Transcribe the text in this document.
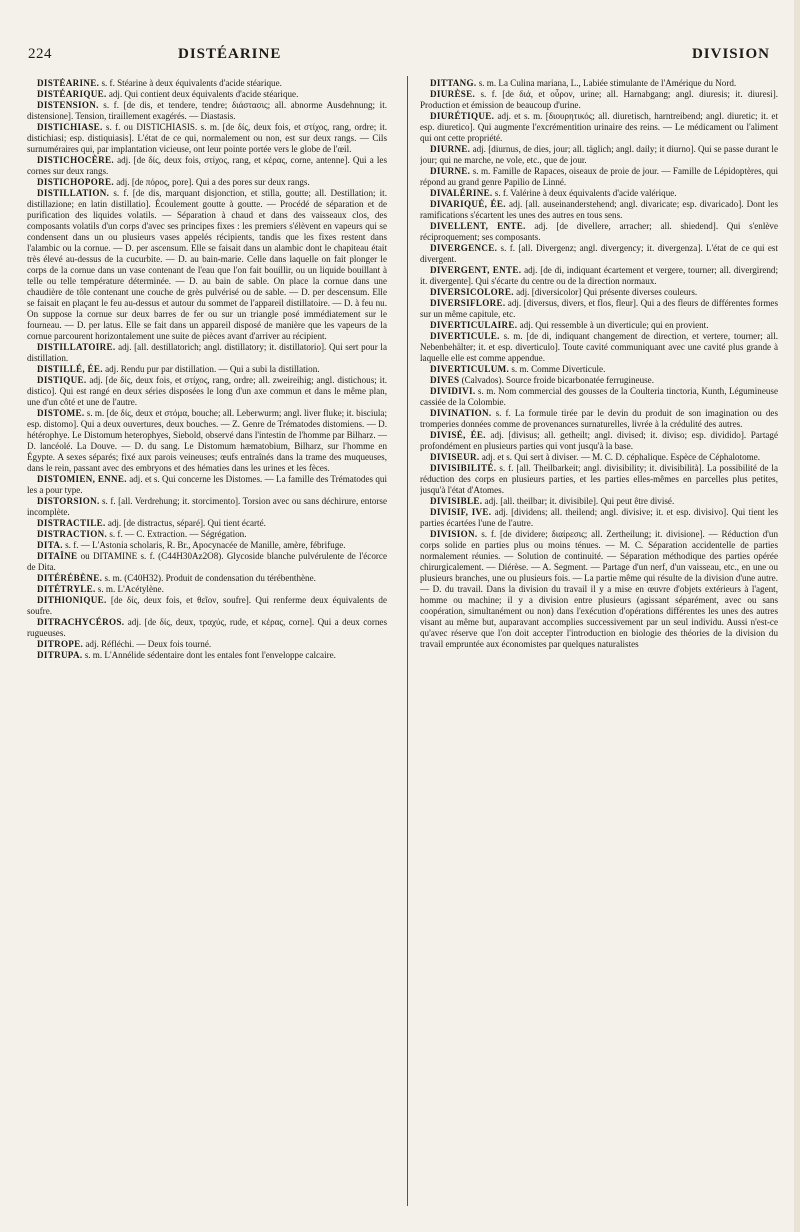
224	DISTÉARINE	DIVISION

DISTÉARINE. s. f. Stéarine à deux équivalents d'acide stéarique.

DISTÉARIQUE. adj. Qui contient deux équivalents d'acide stéarique.

DISTENSION. s. f. [de dis, et tendere, tendre; διάστασις; all. abnorme Ausdehnung; it. distensione]. Tension, tiraillement exagérés. — Diastasis.

DISTICHIASE. s. f. ou DISTICHIASIS. s. m. [de δίς, deux fois, et στίχος, rang, ordre; it. distichiasi; esp. distiquiasis]. L'état de ce qui, normalement ou non, est sur deux rangs. — Cils surnuméraires qui, par implantation vicieuse, ont leur pointe portée vers le globe de l'œil.

DISTICHOCÈRE. adj. [de δίς, deux fois, στίχος, rang, et κέρας, corne, antenne]. Qui a les cornes sur deux rangs.

DISTICHOPORE. adj. [de πόρος, pore]. Qui a des pores sur deux rangs.

DISTILLATION. s. f. [de dis, marquant disjonction, et stilla, goutte; all. Destillation; it. distillazione; en latin distillatio]. Écoulement goutte à goutte. — Procédé de séparation et de purification des liquides volatils. — Séparation à chaud et dans des vaisseaux clos, des composants volatils d'un corps d'avec ses principes fixes : les premiers s'élèvent en vapeurs qui se condensent dans un ou plusieurs vases appelés récipients, tandis que les fixes restent dans l'alambic ou la cornue. — D. per ascensum. Elle se faisait dans un alambic dont le chapiteau était très élevé au-dessus de la cucurbite. — D. au bain-marie. Celle dans laquelle on fait plonger le corps de la cornue dans un vase contenant de l'eau que l'on fait bouillir, ou un liquide bouillant à telle ou telle température déterminée. — D. au bain de sable. On place la cornue dans une chaudière de tôle contenant une couche de grès pulvérisé ou de sable. — D. per descensum. Elle se faisait en plaçant le feu au-dessus et autour du sommet de l'appareil distillatoire. — D. à feu nu. On suppose la cornue sur deux barres de fer ou sur un triangle posé immédiatement sur le fourneau. — D. per latus. Elle se fait dans un appareil disposé de manière que les vapeurs de la cornue parcourent horizontalement une suite de pièces avant d'arriver au récipient.

DISTILLATOIRE. adj. [all. destillatorich; angl. distillatory; it. distillatorio]. Qui sert pour la distillation.

DISTILLÉ, ÉE. adj. Rendu pur par distillation. — Qui a subi la distillation.

DISTIQUE. adj. [de δίς, deux fois, et στίχος, rang, ordre; all. zweireihig; angl. distichous; it. distico]. Qui est rangé en deux séries disposées le long d'un axe commun et dans le même plan, une d'un côté et une de l'autre.

DISTOME. s. m. [de δίς, deux et στόμα, bouche; all. Leberwurm; angl. liver fluke; it. bisciula; esp. distomo]. Qui a deux ouvertures, deux bouches. — Z. Genre de Trématodes distomiens. — D. hétérophye. Le Distomum heterophyes, Siebold, observé dans l'intestin de l'homme par Bilharz. — D. lancéolé. La Douve. — D. du sang. Le Distomum hæmatobium, Bilharz, sur l'homme en Égypte. A sexes séparés; fixé aux parois veineuses; œufs entraînés dans la trame des muqueuses, dans le rein, passant avec des embryons et des hématies dans les urines et les fèces.

DISTOMIEN, ENNE. adj. et s. Qui concerne les Distomes. — La famille des Trématodes qui les a pour type.

DISTORSION. s. f. [all. Verdrehung; it. storcimento]. Torsion avec ou sans déchirure, entorse incomplète.

DISTRACTILE. adj. [de distractus, séparé]. Qui tient écarté.

DISTRACTION. s. f. — C. Extraction. — Ségrégation.

DITA. s. f. — L'Astonia scholaris, R. Br., Apocynacée de Manille, amère, fébrifuge.

DITAÏNE ou DITAMINE s. f. (C44H30Az2O8). Glycoside blanche pulvérulente de l'écorce de Dita.

DITÉRÉBÈNE. s. m. (C40H32). Produit de condensation du térébenthène.

DITÉTRYLE. s. m. L'Acétylène.

DITHIONIQUE. [de δίς, deux fois, et θεῖον, soufre]. Qui renferme deux équivalents de soufre.

DITRACHYCÉROS. adj. [de δίς, deux, τραχύς, rude, et κέρας, corne]. Qui a deux cornes rugueuses.

DITROPE. adj. Réfléchi. — Deux fois tourné.

DITRUPA. s. m. L'Annélide sédentaire dont les entales font l'enveloppe calcaire.

DITTANG. s. m. La Culina mariana, L., Labiée stimulante de l'Amérique du Nord.

DIURÈSE. s. f. [de διά, et οὖρον, urine; all. Harnabgang; angl. diuresis; it. diuresi]. Production et émission de beaucoup d'urine.

DIURÉTIQUE. adj. et s. m. [διουρητικός; all. diuretisch, harntreibend; angl. diuretic; it. et esp. diuretico]. Qui augmente l'excrémentition urinaire des reins. — Le médicament ou l'aliment qui ont cette propriété.

DIURNE. adj. [diurnus, de dies, jour; all. täglich; angl. daily; it diurno]. Qui se passe durant le jour; qui ne marche, ne vole, etc., que de jour.

DIURNE. s. m. Famille de Rapaces, oiseaux de proie de jour. — Famille de Lépidoptères, qui répond au grand genre Papilio de Linné.

DIVALÉRINE. s. f. Valérine à deux équivalents d'acide valérique.

DIVARIQUÉ, ÉE. adj. [all. auseinanderstehend; angl. divaricate; esp. divaricado]. Dont les ramifications s'écartent les unes des autres en tous sens.

DIVELLENT, ENTE. adj. [de divellere, arracher; all. shiedend]. Qui s'enlève réciproquement; ses composants.

DIVERGENCE. s. f. [all. Divergenz; angl. divergency; it. divergenza]. L'état de ce qui est divergent.

DIVERGENT, ENTE. adj. [de di, indiquant écartement et vergere, tourner; all. divergirend; it. divergente]. Qui s'écarte du centre ou de la direction normaux.

DIVERSICOLORE. adj. [diversicolor] Qui présente diverses couleurs.

DIVERSIFLORE. adj. [diversus, divers, et flos, fleur]. Qui a des fleurs de différentes formes sur un même capitule, etc.

DIVERTICULAIRE. adj. Qui ressemble à un diverticule; qui en provient.

DIVERTICULE. s. m. [de di, indiquant changement de direction, et vertere, tourner; all. Nebenbehälter; it. et esp. diverticulo]. Toute cavité communiquant avec une cavité plus grande à laquelle elle est comme appendue.

DIVERTICULUM. s. m. Comme Diverticule.

DIVES (Calvados). Source froide bicarbonatée ferrugineuse.

DIVIDIVI. s. m. Nom commercial des gousses de la Coulteria tinctoria, Kunth, Légumineuse cassiée de la Colombie.

DIVINATION. s. f. La formule tirée par le devin du produit de son imagination ou des tromperies données comme de provenances surnaturelles, livrée à la crédulité des autres.

DIVISÉ, ÉE. adj. [divisus; all. getheilt; angl. divised; it. diviso; esp. dividido]. Partagé profondément en plusieurs parties qui vont jusqu'à la base.

DIVISEUR. adj. et s. Qui sert à diviser. — M. C. D. céphalique. Espèce de Céphalotome.

DIVISIBILITÉ. s. f. [all. Theilbarkeit; angl. divisibility; it. divisibilità]. La possibilité de la réduction des corps en plusieurs parties, et les parties elles-mêmes en parcelles plus petites, jusqu'à l'état d'Atomes.

DIVISIBLE. adj. [all. theilbar; it. divisibile]. Qui peut être divisé.

DIVISIF, IVE. adj. [dividens; all. theilend; angl. divisive; it. et esp. divisivo]. Qui tient les parties écartées l'une de l'autre.

DIVISION. s. f. [de dividere; διαίρεσις; all. Zertheilung; it. divisione]. — Réduction d'un corps solide en parties plus ou moins ténues. — M. C. Séparation accidentelle de parties normalement réunies. — Solution de continuité. — Séparation méthodique des parties opérée chirurgicalement. — Diérèse. — A. Segment. — Partage d'un nerf, d'un vaisseau, etc., en une ou plusieurs branches, une ou plusieurs fois. — La partie même qui résulte de la division d'une autre. — D. du travail. Dans la division du travail il y a mise en œuvre d'objets extérieurs à l'agent, homme ou machine; il y a division entre plusieurs (agissant séparément, avec ou sans coopération, simultanément ou non) dans l'exécution d'opérations différentes les unes des autres visant au même but, auparavant accomplies successivement par un seul individu. Aussi n'est-ce qu'avec réserve que l'on doit accepter l'introduction en biologie des théories de la division du travail empruntée aux économistes par quelques naturalistes
